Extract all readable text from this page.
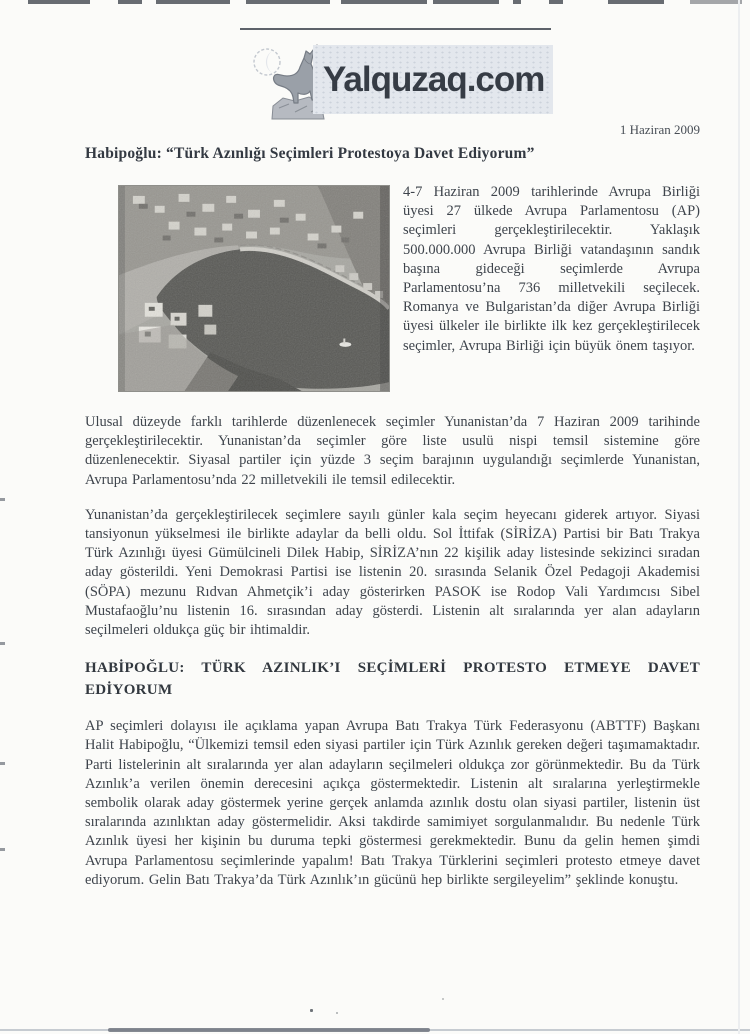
Yalquzaq.com

1 Haziran 2009

Habipoğlu: “Türk Azınlığı Seçimleri Protestoya Davet Ediyorum”

4-7 Haziran 2009 tarihlerinde Avrupa Birliği üyesi 27 ülkede Avrupa Parlamentosu (AP) seçimleri gerçekleştirilecektir. Yaklaşık 500.000.000 Avrupa Birliği vatandaşının sandık başına gideceği seçimlerde Avrupa Parlamentosu’na 736 milletvekili seçilecek. Romanya ve Bulgaristan’da diğer Avrupa Birliği üyesi ülkeler ile birlikte ilk kez gerçekleştirilecek seçimler, Avrupa Birliği için büyük önem taşıyor.

Ulusal düzeyde farklı tarihlerde düzenlenecek seçimler Yunanistan’da 7 Haziran 2009 tarihinde gerçekleştirilecektir. Yunanistan’da seçimler göre liste usulü nispi temsil sistemine göre düzenlenecektir. Siyasal partiler için yüzde 3 seçim barajının uygulandığı seçimlerde Yunanistan, Avrupa Parlamentosu’nda 22 milletvekili ile temsil edilecektir.

Yunanistan’da gerçekleştirilecek seçimlere sayılı günler kala seçim heyecanı giderek artıyor. Siyasi tansiyonun yükselmesi ile birlikte adaylar da belli oldu. Sol İttifak (SİRİZA) Partisi bir Batı Trakya Türk Azınlığı üyesi Gümülcineli Dilek Habip, SİRİZA’nın 22 kişilik aday listesinde sekizinci sıradan aday gösterildi. Yeni Demokrasi Partisi ise listenin 20. sırasında Selanik Özel Pedagoji Akademisi (SÖPA) mezunu Rıdvan Ahmetçik’i aday gösterirken PASOK ise Rodop Vali Yardımcısı Sibel Mustafaoğlu’nu listenin 16. sırasından aday gösterdi. Listenin alt sıralarında yer alan adayların seçilmeleri oldukça güç bir ihtimaldir.

HABİPOĞLU: TÜRK AZINLIK’I SEÇİMLERİ PROTESTO ETMEYE DAVET EDİYORUM

AP seçimleri dolayısı ile açıklama yapan Avrupa Batı Trakya Türk Federasyonu (ABTTF) Başkanı Halit Habipoğlu, “Ülkemizi temsil eden siyasi partiler için Türk Azınlık gereken değeri taşımamaktadır. Parti listelerinin alt sıralarında yer alan adayların seçilmeleri oldukça zor görünmektedir. Bu da Türk Azınlık’a verilen önemin derecesini açıkça göstermektedir. Listenin alt sıralarına yerleştirmekle sembolik olarak aday göstermek yerine gerçek anlamda azınlık dostu olan siyasi partiler, listenin üst sıralarında azınlıktan aday göstermelidir. Aksi takdirde samimiyet sorgulanmalıdır. Bu nedenle Türk Azınlık üyesi her kişinin bu duruma tepki göstermesi gerekmektedir. Bunu da gelin hemen şimdi Avrupa Parlamentosu seçimlerinde yapalım! Batı Trakya Türklerini seçimleri protesto etmeye davet ediyorum. Gelin Batı Trakya’da Türk Azınlık’ın gücünü hep birlikte sergileyelim” şeklinde konuştu.
